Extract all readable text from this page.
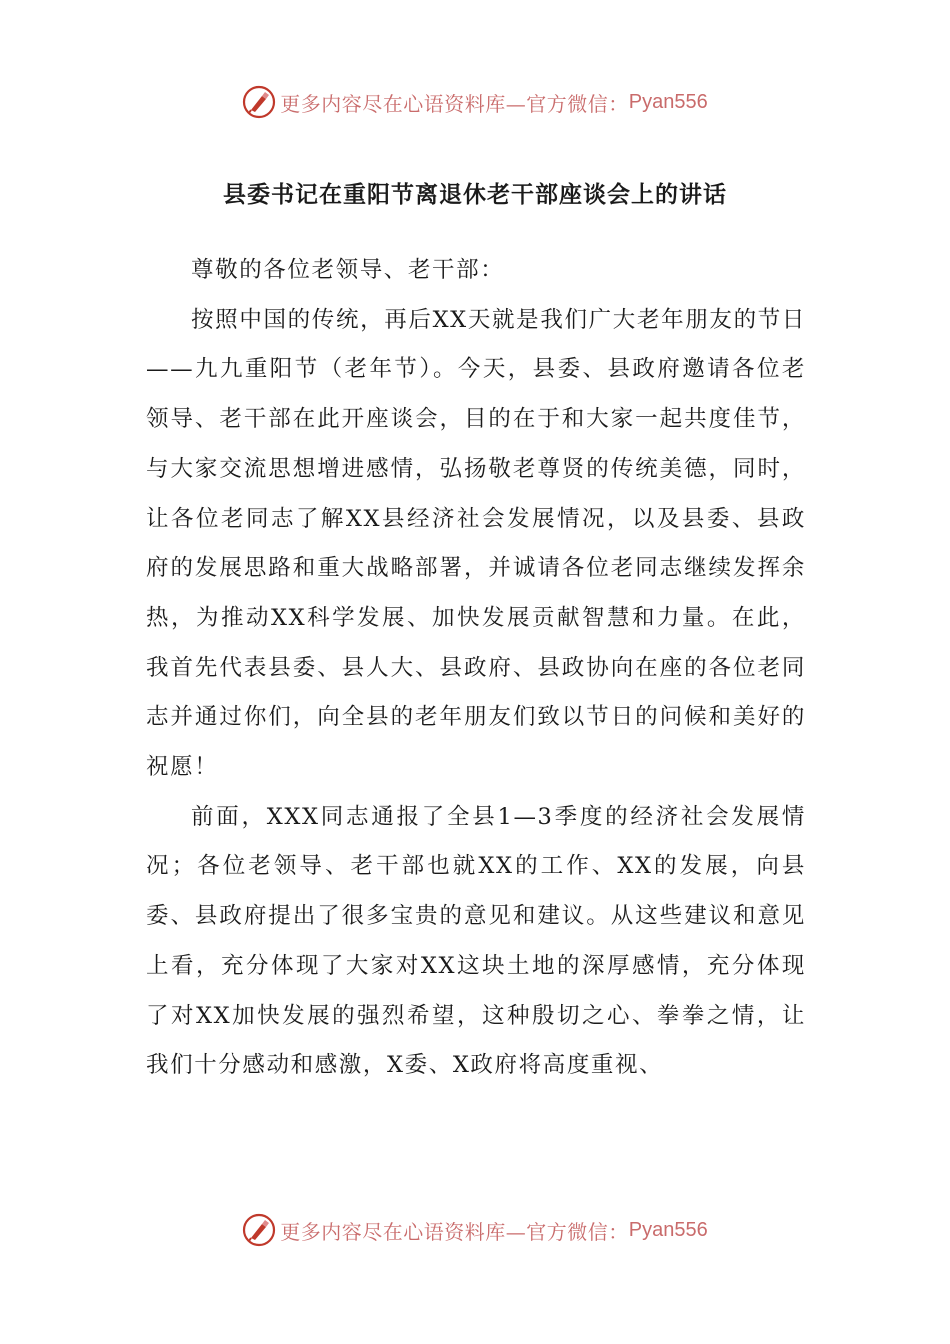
更多内容尽在心语资料库—官方微信： Pyan556
县委书记在重阳节离退休老干部座谈会上的讲话

尊敬的各位老领导、老干部：

按照中国的传统，再后XX天就是我们广大老年朋友的节日——九九重阳节（老年节）。今天，县委、县政府邀请各位老领导、老干部在此开座谈会，目的在于和大家一起共度佳节，与大家交流思想增进感情，弘扬敬老尊贤的传统美德，同时，让各位老同志了解XX县经济社会发展情况，以及县委、县政府的发展思路和重大战略部署，并诚请各位老同志继续发挥余热，为推动XX科学发展、加快发展贡献智慧和力量。在此，我首先代表县委、县人大、县政府、县政协向在座的各位老同志并通过你们，向全县的老年朋友们致以节日的问候和美好的祝愿！

前面，XXX同志通报了全县1—3季度的经济社会发展情况；各位老领导、老干部也就XX的工作、XX的发展，向县委、县政府提出了很多宝贵的意见和建议。从这些建议和意见上看，充分体现了大家对XX这块土地的深厚感情，充分体现了对XX加快发展的强烈希望，这种殷切之心、拳拳之情，让我们十分感动和感激，X委、X政府将高度重视、

更多内容尽在心语资料库—官方微信： Pyan556
